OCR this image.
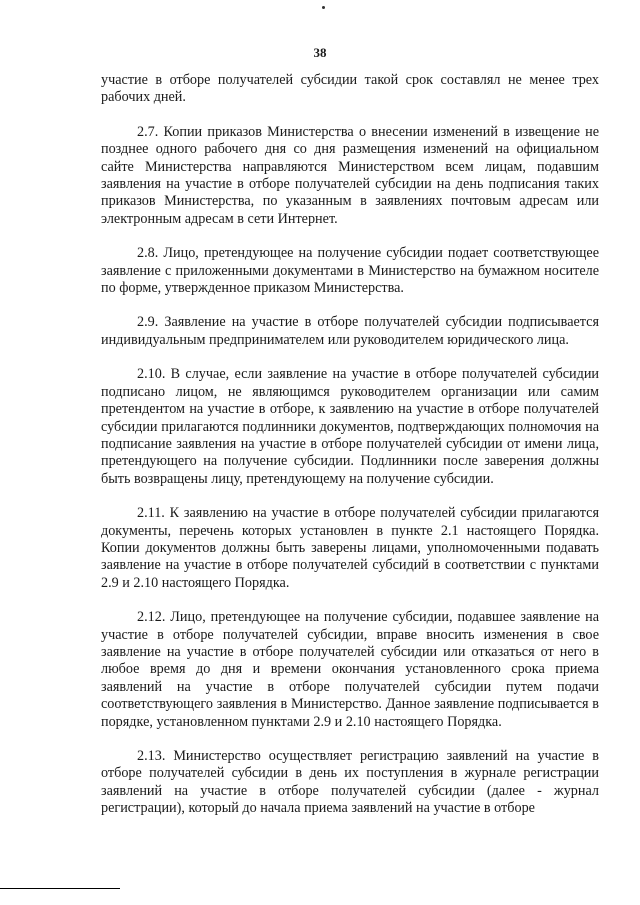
38

участие в отборе получателей субсидии такой срок составлял не менее трех рабочих дней.

2.7. Копии приказов Министерства о внесении изменений в извещение не позднее одного рабочего дня со дня размещения изменений на официальном сайте Министерства направляются Министерством всем лицам, подавшим заявления на участие в отборе получателей субсидии на день подписания таких приказов Министерства, по указанным в заявлениях почтовым адресам или электронным адресам в сети Интернет.

2.8. Лицо, претендующее на получение субсидии подает соответствующее заявление с приложенными документами в Министерство на бумажном носителе по форме, утвержденное приказом Министерства.

2.9. Заявление на участие в отборе получателей субсидии подписывается индивидуальным предпринимателем или руководителем юридического лица.

2.10. В случае, если заявление на участие в отборе получателей субсидии подписано лицом, не являющимся руководителем организации или самим претендентом на участие в отборе, к заявлению на участие в отборе получателей субсидии прилагаются подлинники документов, подтверждающих полномочия на подписание заявления на участие в отборе получателей субсидии от имени лица, претендующего на получение субсидии. Подлинники после заверения должны быть возвращены лицу, претендующему на получение субсидии.

2.11. К заявлению на участие в отборе получателей субсидии прилагаются документы, перечень которых установлен в пункте 2.1 настоящего Порядка. Копии документов должны быть заверены лицами, уполномоченными подавать заявление на участие в отборе получателей субсидий в соответствии с пунктами 2.9 и 2.10 настоящего Порядка.

2.12. Лицо, претендующее на получение субсидии, подавшее заявление на участие в отборе получателей субсидии, вправе вносить изменения в свое заявление на участие в отборе получателей субсидии или отказаться от него в любое время до дня и времени окончания установленного срока приема заявлений на участие в отборе получателей субсидии путем подачи соответствующего заявления в Министерство. Данное заявление подписывается в порядке, установленном пунктами 2.9 и 2.10 настоящего Порядка.

2.13. Министерство осуществляет регистрацию заявлений на участие в отборе получателей субсидии в день их поступления в журнале регистрации заявлений на участие в отборе получателей субсидии (далее - журнал регистрации), который до начала приема заявлений на участие в отборе
